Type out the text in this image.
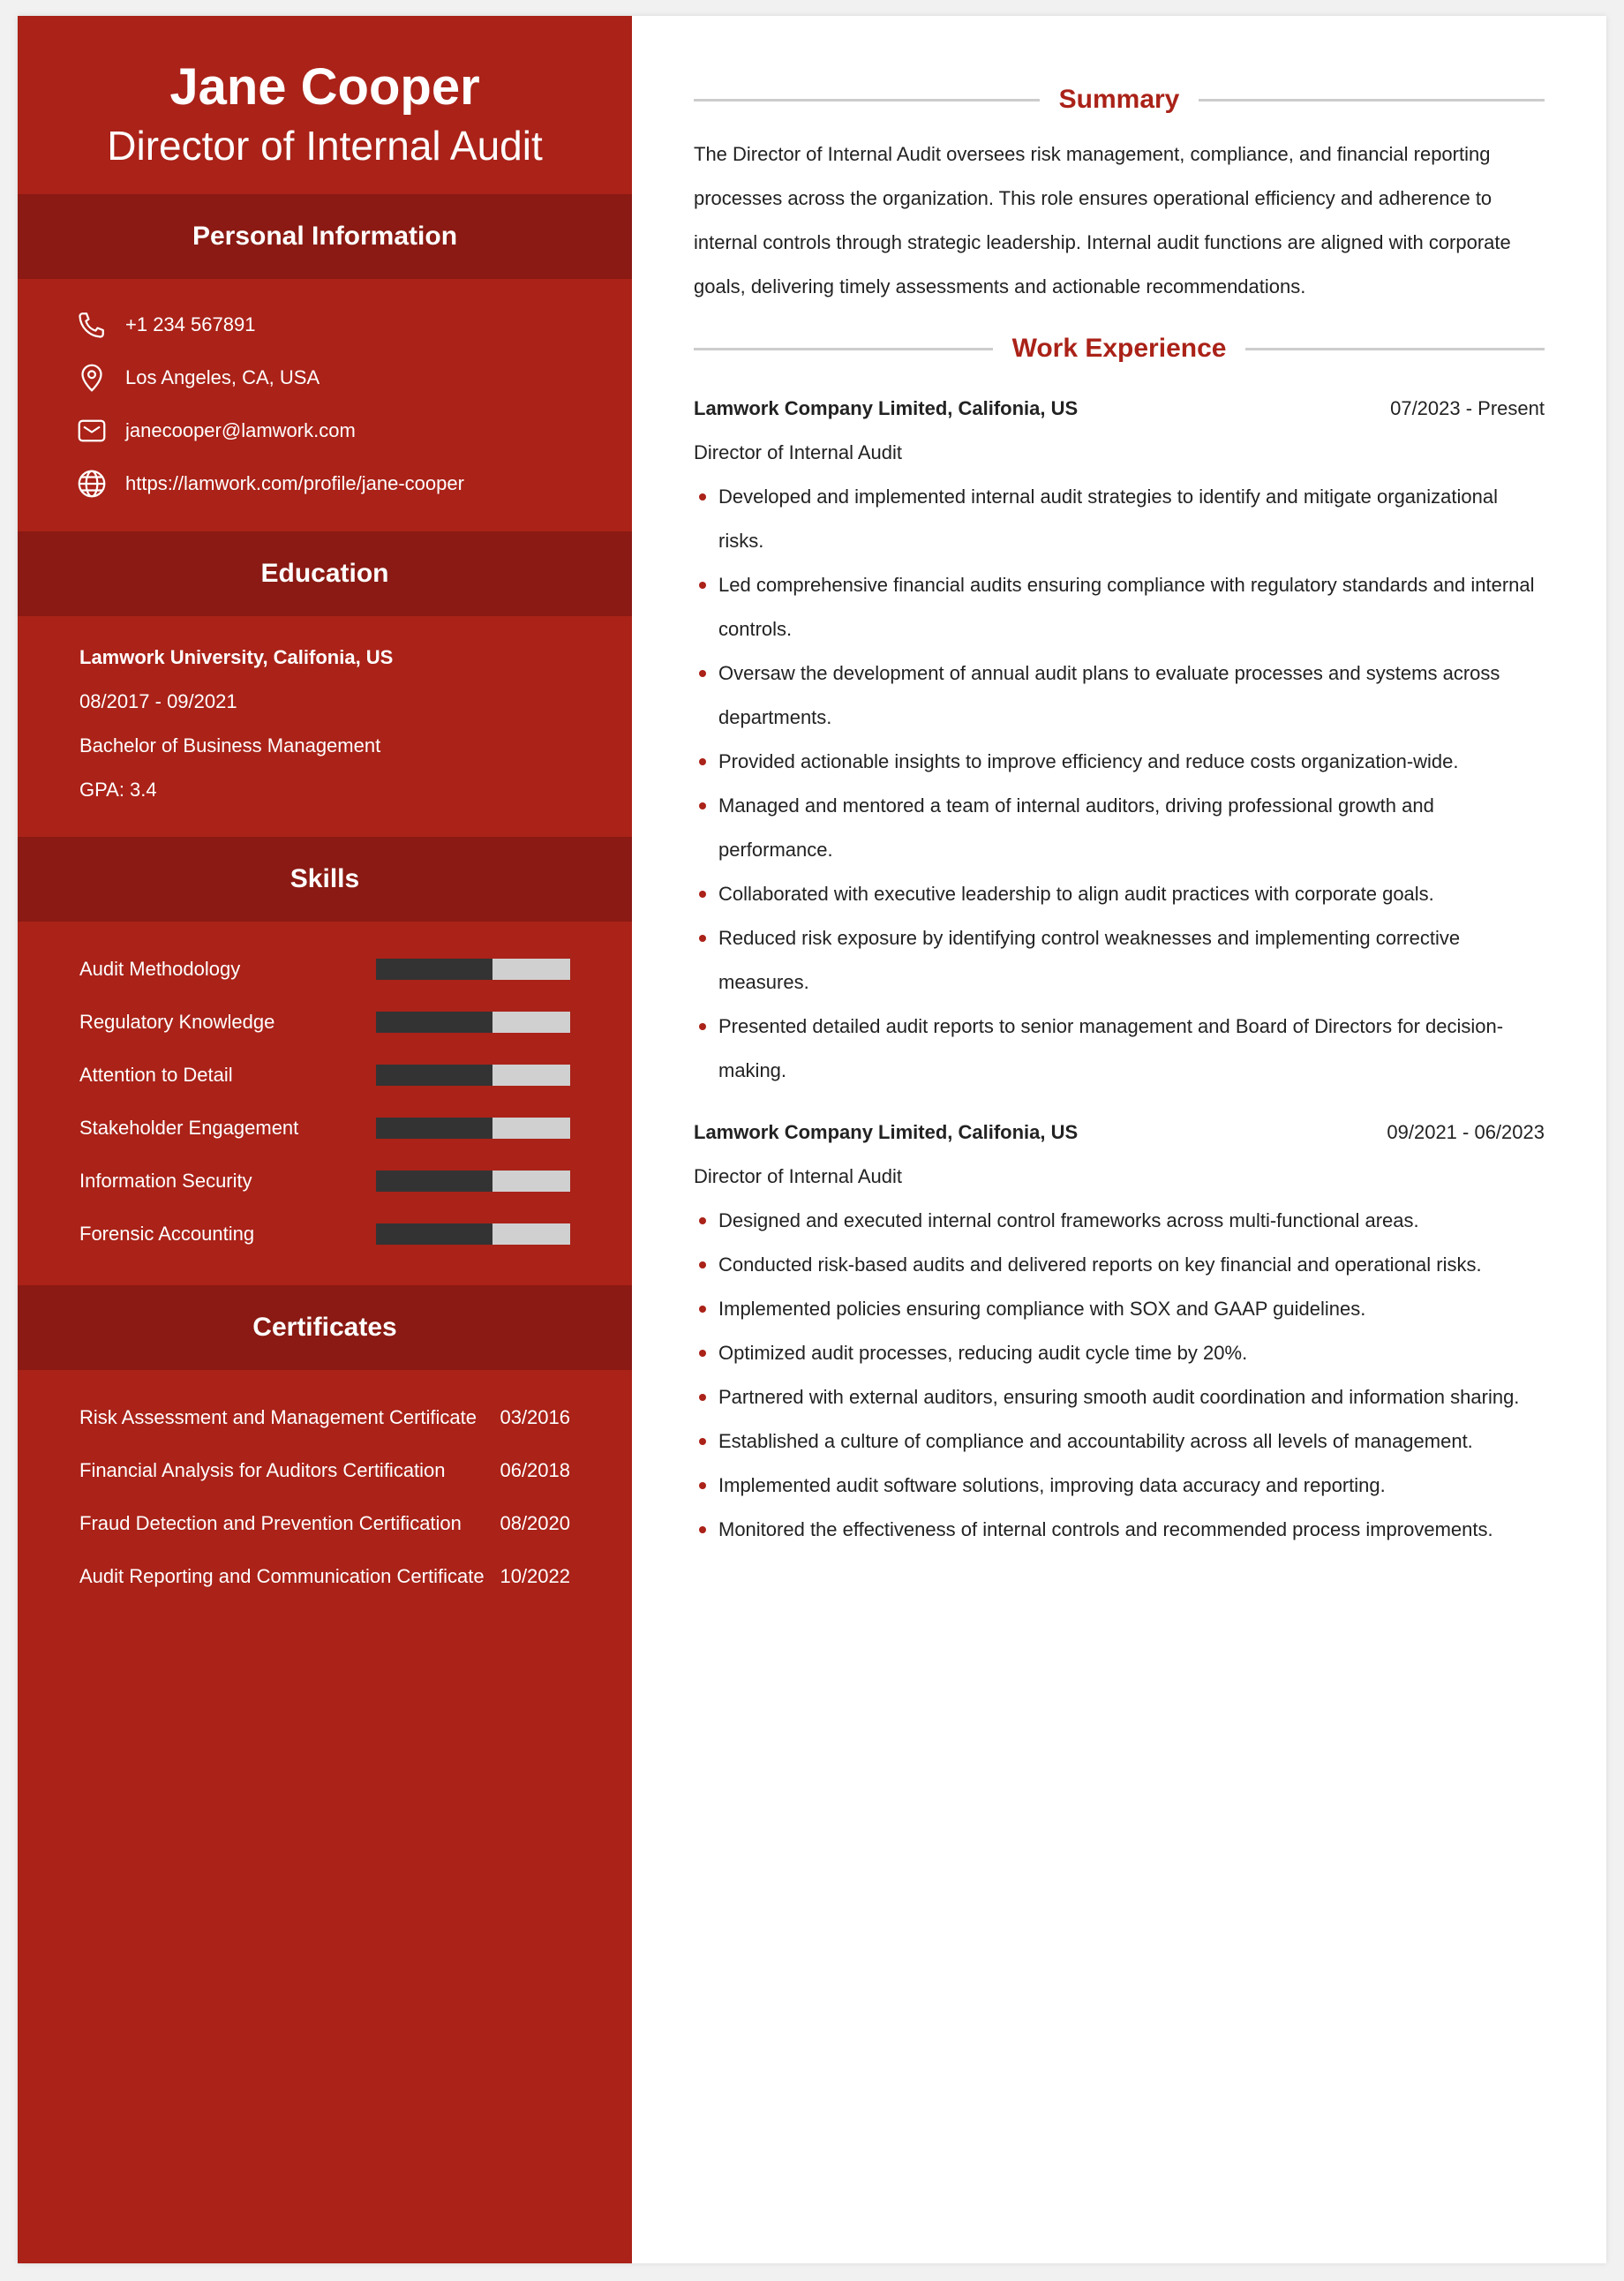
Jane Cooper
Director of Internal Audit
Personal Information
+1 234 567891
Los Angeles, CA, USA
janecooper@lamwork.com
https://lamwork.com/profile/jane-cooper
Education
Lamwork University, Califonia, US
08/2017 - 09/2021
Bachelor of Business Management
GPA: 3.4
Skills
Audit Methodology
Regulatory Knowledge
Attention to Detail
Stakeholder Engagement
Information Security
Forensic Accounting
Certificates
Risk Assessment and Management Certificate 03/2016
Financial Analysis for Auditors Certification	06/2018
Fraud Detection and Prevention Certification 08/2020
Audit Reporting and Communication Certificate 10/2022
Summary

The Director of Internal Audit oversees risk management, compliance, and financial reporting processes across the organization. This role ensures operational efficiency and adherence to internal controls through strategic leadership. Internal audit functions are aligned with corporate goals, delivering timely assessments and actionable recommendations.

Work Experience
Lamwork Company Limited, Califonia, US	07/2023 - Present
Director of Internal Audit
Developed and implemented internal audit strategies to identify and mitigate organizational risks.
Led comprehensive financial audits ensuring compliance with regulatory standards and internal controls.
Oversaw the development of annual audit plans to evaluate processes and systems across departments.
Provided actionable insights to improve efficiency and reduce costs organization-wide.
Managed and mentored a team of internal auditors, driving professional growth and performance.
Collaborated with executive leadership to align audit practices with corporate goals.
Reduced risk exposure by identifying control weaknesses and implementing corrective measures.
Presented detailed audit reports to senior management and Board of Directors for decision-making.
Lamwork Company Limited, Califonia, US	09/2021 - 06/2023
Director of Internal Audit
Designed and executed internal control frameworks across multi-functional areas.
Conducted risk-based audits and delivered reports on key financial and operational risks.
Implemented policies ensuring compliance with SOX and GAAP guidelines.
Optimized audit processes, reducing audit cycle time by 20%.
Partnered with external auditors, ensuring smooth audit coordination and information sharing.
Established a culture of compliance and accountability across all levels of management.
Implemented audit software solutions, improving data accuracy and reporting.
Monitored the effectiveness of internal controls and recommended process improvements.
